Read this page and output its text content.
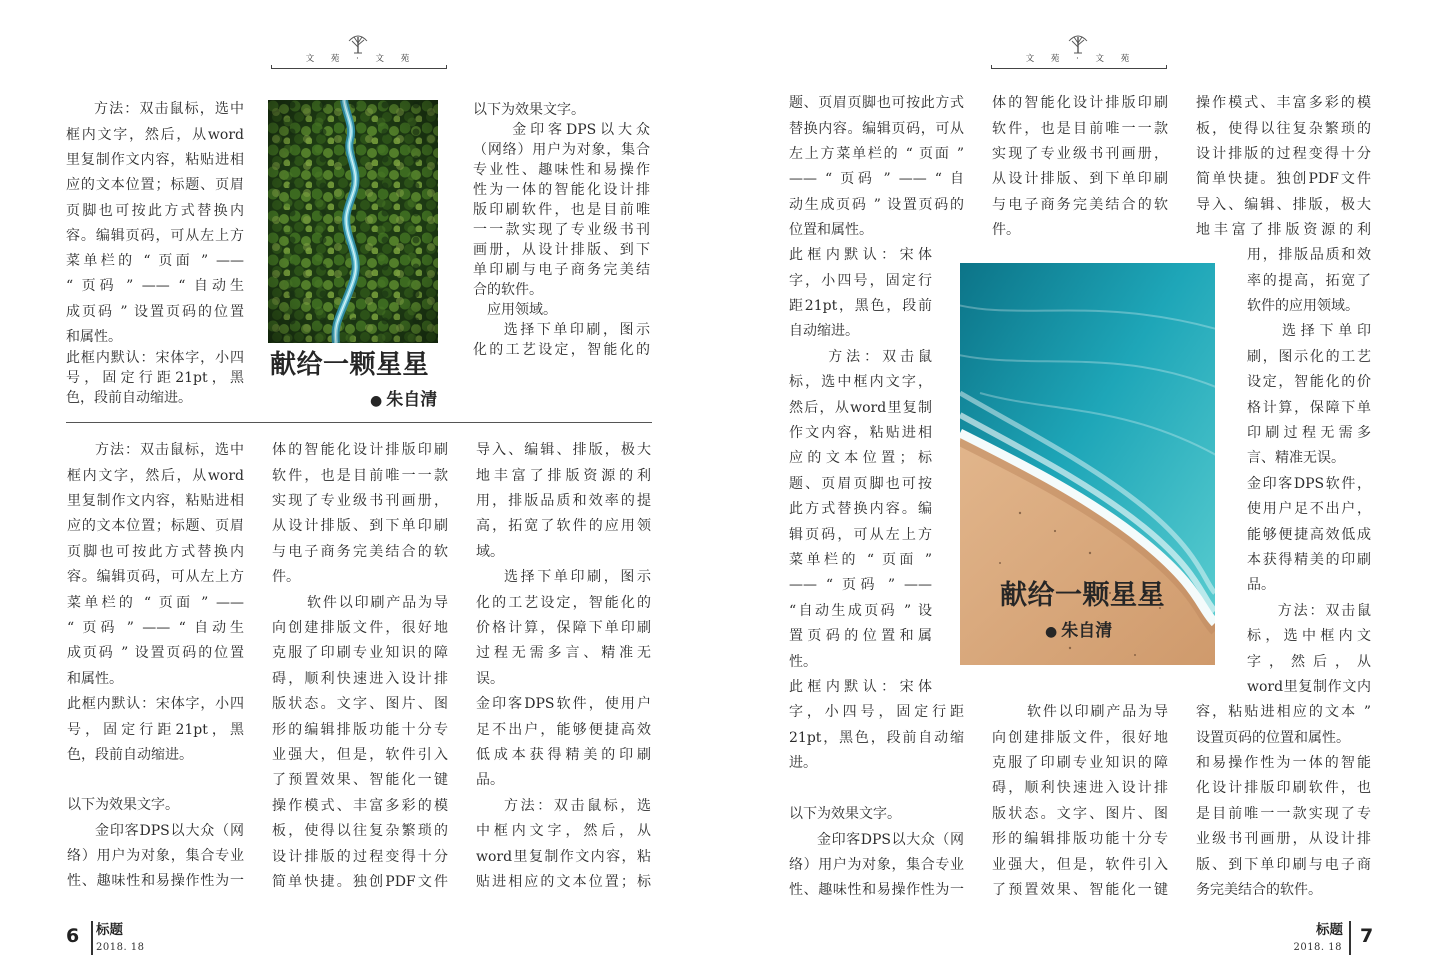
文 苑 · 文 苑
方法：双击鼠标，选中
框内文字，然后，从word
里复制作文内容，粘贴进相
应的文本位置；标题、页眉
页脚也可按此方式替换内
容。编辑页码，可从左上方
菜单栏的 “ 页面 ” ——
“ 页码 ” —— “ 自动生
成页码 ” 设置页码的位置
和属性。
此框内默认：宋体字，小四
号，固定行距21pt，黑
色，段前自动缩进。
献给一颗星星
● 朱自清
以下为效果文字。
金印客DPS以大众
（网络）用户为对象，集合
专业性、趣味性和易操作
性为一体的智能化设计排
版印刷软件，也是目前唯
一一款实现了专业级书刊
画册，从设计排版、到下
单印刷与电子商务完美结
合的软件。
应用领域。
选择下单印刷，图示
化的工艺设定，智能化的
方法：双击鼠标，选中
框内文字，然后，从word
里复制作文内容，粘贴进相
应的文本位置；标题、页眉
页脚也可按此方式替换内
容。编辑页码，可从左上方
菜单栏的 “ 页面 ” ——
“ 页码 ” —— “ 自动生
成页码 ” 设置页码的位置
和属性。
此框内默认：宋体字，小四
号，固定行距21pt，黑
色，段前自动缩进。
以下为效果文字。
金印客DPS以大众（网
络）用户为对象，集合专业
性、趣味性和易操作性为一
体的智能化设计排版印刷
软件，也是目前唯一一款
实现了专业级书刊画册，
从设计排版、到下单印刷
与电子商务完美结合的软
件。
软件以印刷产品为导
向创建排版文件，很好地
克服了印刷专业知识的障
碍，顺利快速进入设计排
版状态。文字、图片、图
形的编辑排版功能十分专
业强大，但是，软件引入
了预置效果、智能化一键
操作模式、丰富多彩的模
板，使得以往复杂繁琐的
设计排版的过程变得十分
简单快捷。独创PDF文件
导入、编辑、排版，极大
地丰富了排版资源的利
用，排版品质和效率的提
高，拓宽了软件的应用领
域。
选择下单印刷，图示
化的工艺设定，智能化的
价格计算，保障下单印刷
过程无需多言、精准无
误。
金印客DPS软件，使用户
足不出户，能够便捷高效
低成本获得精美的印刷
品。
方法：双击鼠标，选
中框内文字，然后，从
word里复制作文内容，粘
贴进相应的文本位置；标
6 标题
2018. 18
文 苑 · 文 苑
题、页眉页脚也可按此方式
替换内容。编辑页码，可从
左上方菜单栏的 “ 页面 ”
—— “ 页码 ” —— “ 自
动生成页码 ” 设置页码的
位置和属性。
此框内默认：宋体
字，小四号，固定行
距21pt，黑色，段前
自动缩进。
方法：双击鼠
标，选中框内文字，
然后，从word里复制
作文内容，粘贴进相
应的文本位置；标
题、页眉页脚也可按
此方式替换内容。编
辑页码，可从左上方
菜单栏的 “ 页面 ”
—— “ 页码 ” ——
“自动生成页码 ” 设
置页码的位置和属
性。
此框内默认：宋体
字，小四号，固定行距
21pt，黑色，段前自动缩
进。
以下为效果文字。
金印客DPS以大众（网
络）用户为对象，集合专业
性、趣味性和易操作性为一
体的智能化设计排版印刷
软件，也是目前唯一一款
实现了专业级书刊画册，
从设计排版、到下单印刷
与电子商务完美结合的软
件。
软件以印刷产品为导
向创建排版文件，很好地
克服了印刷专业知识的障
碍，顺利快速进入设计排
版状态。文字、图片、图
形的编辑排版功能十分专
业强大，但是，软件引入
了预置效果、智能化一键
操作模式、丰富多彩的模
板，使得以往复杂繁琐的
设计排版的过程变得十分
简单快捷。独创PDF文件
导入、编辑、排版，极大
地丰富了排版资源的利
用，排版品质和效
率的提高，拓宽了
软件的应用领域。
选择下单印
刷，图示化的工艺
设定，智能化的价
格计算，保障下单
印刷过程无需多
言、精准无误。
金印客DPS软件，
使用户足不出户，
能够便捷高效低成
本获得精美的印刷
品。
方法：双击鼠
标，选中框内文
字，然后，从
word里复制作文内
容，粘贴进相应的文本 ”
设置页码的位置和属性。
和易操作性为一体的智能
化设计排版印刷软件，也
是目前唯一一款实现了专
业级书刊画册，从设计排
版、到下单印刷与电子商
务完美结合的软件。
献给一颗星星
● 朱自清
标题
2018. 18
7
